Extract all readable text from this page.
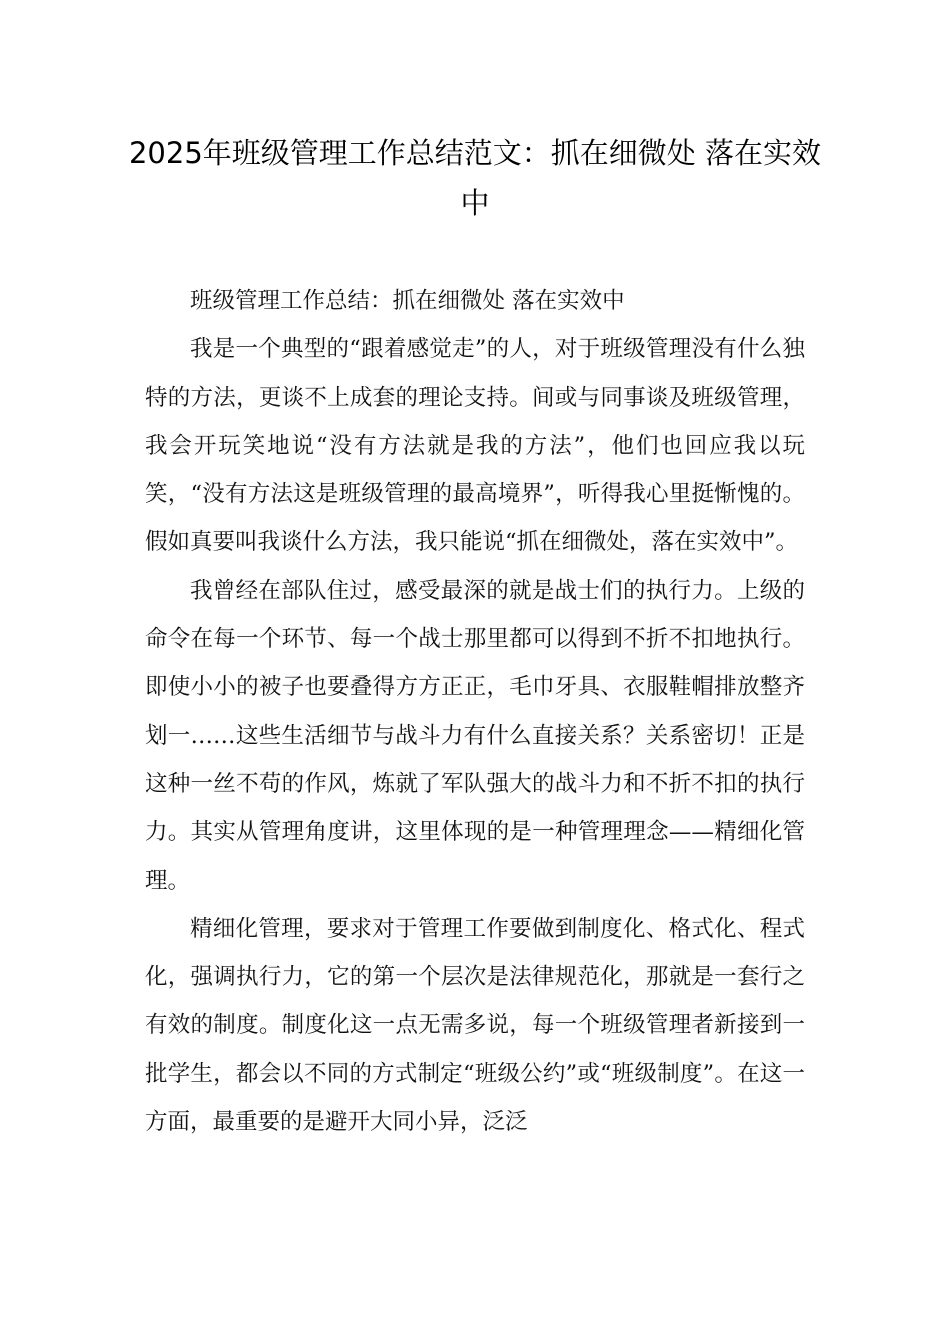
2025年班级管理工作总结范文：抓在细微处 落在实效中

班级管理工作总结：抓在细微处 落在实效中

我是一个典型的“跟着感觉走”的人，对于班级管理没有什么独特的方法，更谈不上成套的理论支持。间或与同事谈及班级管理，我会开玩笑地说“没有方法就是我的方法”，他们也回应我以玩笑，“没有方法这是班级管理的最高境界”，听得我心里挺惭愧的。假如真要叫我谈什么方法，我只能说“抓在细微处，落在实效中”。

我曾经在部队住过，感受最深的就是战士们的执行力。上级的命令在每一个环节、每一个战士那里都可以得到不折不扣地执行。即使小小的被子也要叠得方方正正，毛巾牙具、衣服鞋帽排放整齐划一……这些生活细节与战斗力有什么直接关系？关系密切！正是这种一丝不苟的作风，炼就了军队强大的战斗力和不折不扣的执行力。其实从管理角度讲，这里体现的是一种管理理念——精细化管理。

精细化管理，要求对于管理工作要做到制度化、格式化、程式化，强调执行力，它的第一个层次是法律规范化，那就是一套行之有效的制度。制度化这一点无需多说，每一个班级管理者新接到一批学生，都会以不同的方式制定“班级公约”或“班级制度”。在这一方面，最重要的是避开大同小异，泛泛
